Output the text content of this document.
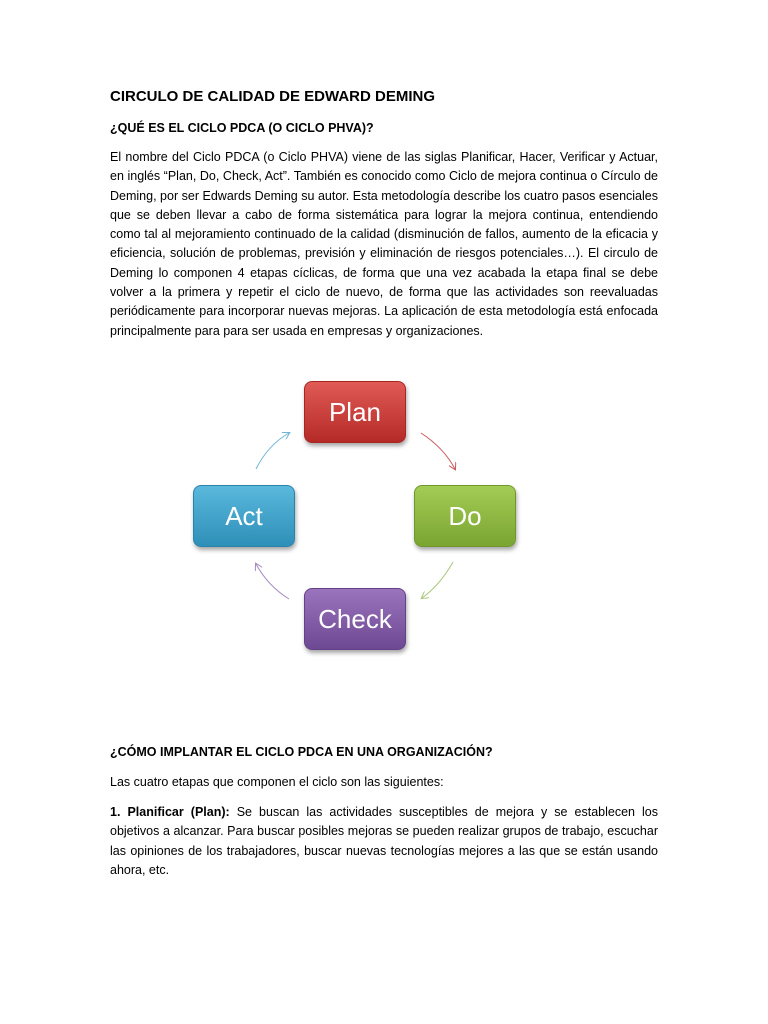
CIRCULO DE CALIDAD DE EDWARD DEMING
¿QUÉ ES EL CICLO PDCA (O CICLO PHVA)?

El nombre del Ciclo PDCA (o Ciclo PHVA) viene de las siglas Planificar, Hacer, Verificar y Actuar, en inglés “Plan, Do, Check, Act”. También es conocido como Ciclo de mejora continua o Círculo de Deming, por ser Edwards Deming su autor. Esta metodología describe los cuatro pasos esenciales que se deben llevar a cabo de forma sistemática para lograr la mejora continua, entendiendo como tal al mejoramiento continuado de la calidad (disminución de fallos, aumento de la eficacia y eficiencia, solución de problemas, previsión y eliminación de riesgos potenciales…). El circulo de Deming lo componen 4 etapas cíclicas, de forma que una vez acabada la etapa final se debe volver a la primera y repetir el ciclo de nuevo, de forma que las actividades son reevaluadas periódicamente para incorporar nuevas mejoras. La aplicación de esta metodología está enfocada principalmente para para ser usada en empresas y organizaciones.

¿CÓMO IMPLANTAR EL CICLO PDCA EN UNA ORGANIZACIÓN?

Las cuatro etapas que componen el ciclo son las siguientes:

1. Planificar (Plan): Se buscan las actividades susceptibles de mejora y se establecen los objetivos a alcanzar. Para buscar posibles mejoras se pueden realizar grupos de trabajo, escuchar las opiniones de los trabajadores, buscar nuevas tecnologías mejores a las que se están usando ahora, etc.

Plan
Act	Do
Check
